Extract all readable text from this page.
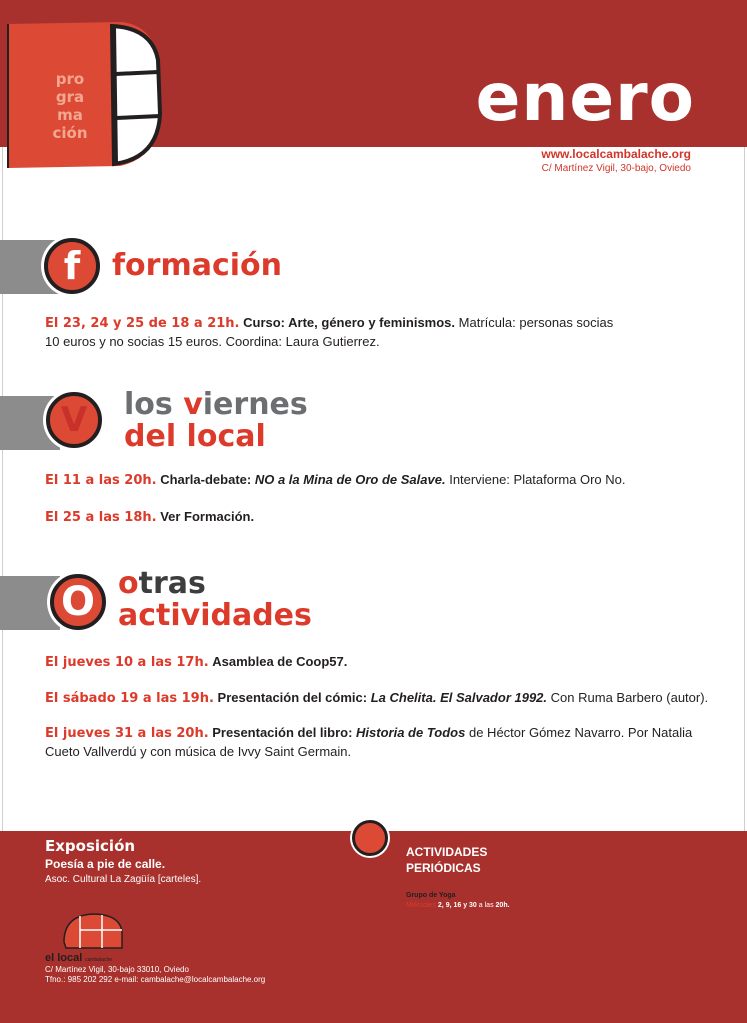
pro
gra
ma
ción	enero
www.localcambalache.org
C/ Martínez Vigil, 30-bajo, Oviedo
f formación
El 23, 24 y 25 de 18 a 21h. Curso: Arte, género y feminismos. Matrícula: personas socias
10 euros y no socias 15 euros. Coordina: Laura Gutierrez.
V los viernes
del local
El 11 a las 20h. Charla-debate: NO a la Mina de Oro de Salave. Interviene: Plataforma Oro No.
El 25 a las 18h. Ver Formación.
O otras
actividades
El jueves 10 a las 17h. Asamblea de Coop57.
El sábado 19 a las 19h. Presentación del cómic: La Chelita. El Salvador 1992. Con Ruma Barbero (autor).
El jueves 31 a las 20h. Presentación del libro: Historia de Todos de Héctor Gómez Navarro. Por Natalia
Cueto Vallverdú y con música de Ivvy Saint Germain.
Exposición
Poesía a pie de calle.
Asoc. Cultural La Zagüía [carteles].
ACTIVIDADES PERIÓDICAS
Grupo de Yoga
Miércoles 2, 9, 16 y 30 a las 20h.
el local cambalache
C/ Martínez Vigil, 30-bajo 33010, Oviedo
Tfno.: 985 202 292 e-mail: cambalache@localcambalache.org
